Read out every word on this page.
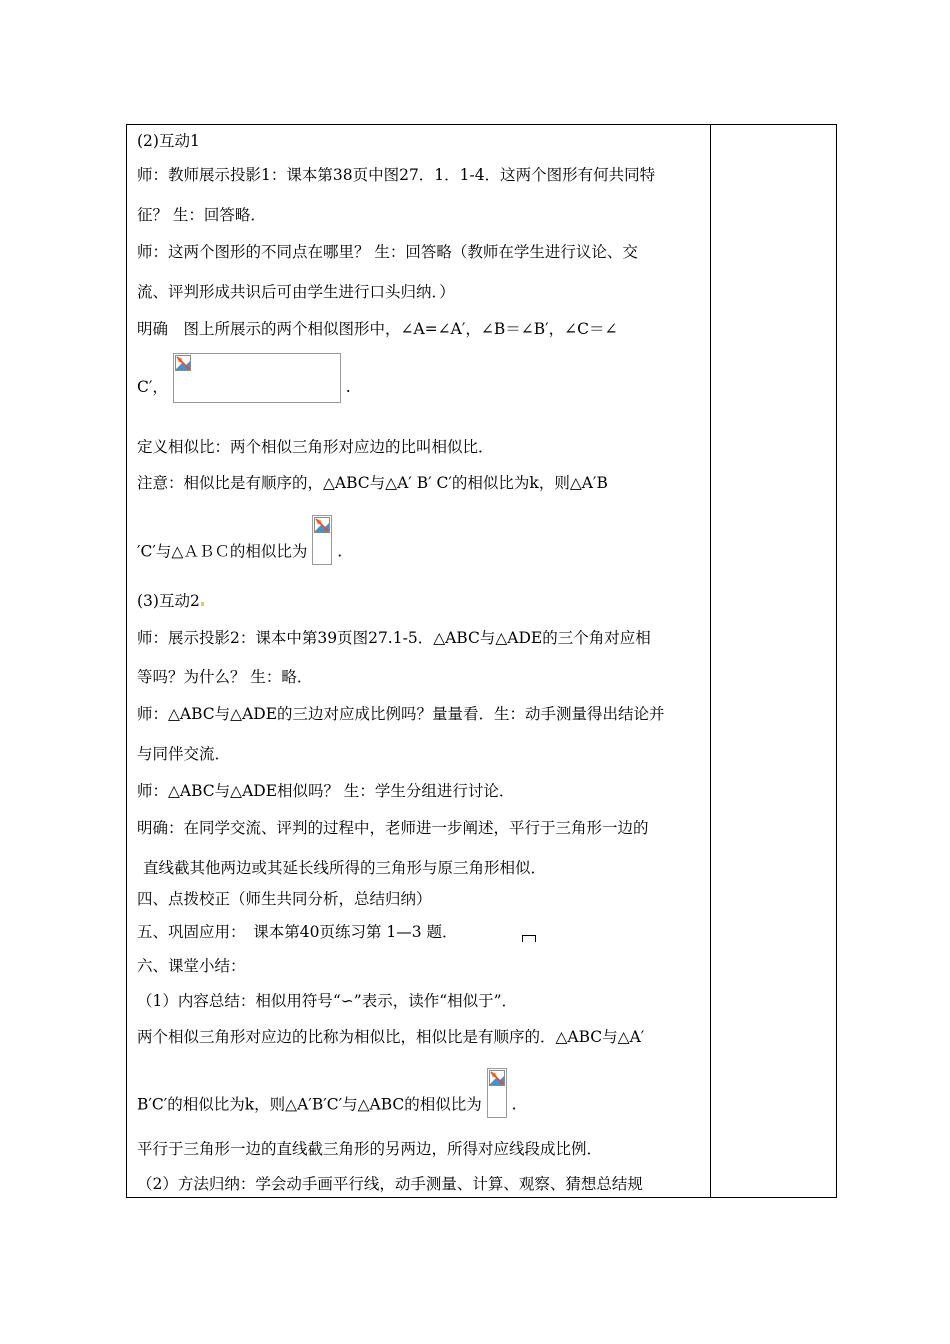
(2)互动1
师：教师展示投影1：课本第38页中图27．1．1-4．这两个图形有何共同特
征？ 生：回答略．
师：这两个图形的不同点在哪里？ 生：回答略（教师在学生进行议论、交
流、评判形成共识后可由学生进行口头归纳．）
明确　图上所展示的两个相似图形中，∠A=∠A′，∠B＝∠B′，∠C＝∠
C′，	.
定义相似比：两个相似三角形对应边的比叫相似比．
注意：相似比是有顺序的，△ABC与△A′ B′ C′的相似比为k，则△A′B
′C′与△ＡＢＣ的相似比为 .
(3)互动2
师：展示投影2：课本中第39页图27.1-5．△ABC与△ADE的三个角对应相
等吗？为什么？ 生：略．
师：△ABC与△ADE的三边对应成比例吗？量量看．生：动手测量得出结论并
与同伴交流．
师：△ABC与△ADE相似吗？ 生：学生分组进行讨论．
明确：在同学交流、评判的过程中，老师进一步阐述，平行于三角形一边的
直线截其他两边或其延长线所得的三角形与原三角形相似．
四、点拨校正（师生共同分析，总结归纳）
五、巩固应用：　课本第40页练习第 1—3 题．
六、课堂小结：
（1）内容总结：相似用符号“∽”表示，读作“相似于”．
两个相似三角形对应边的比称为相似比，相似比是有顺序的．△ABC与△A′
B′C′的相似比为k，则△A′B′C′与△ABC的相似比为 .
平行于三角形一边的直线截三角形的另两边，所得对应线段成比例．
（2）方法归纳：学会动手画平行线，动手测量、计算、观察、猜想总结规
